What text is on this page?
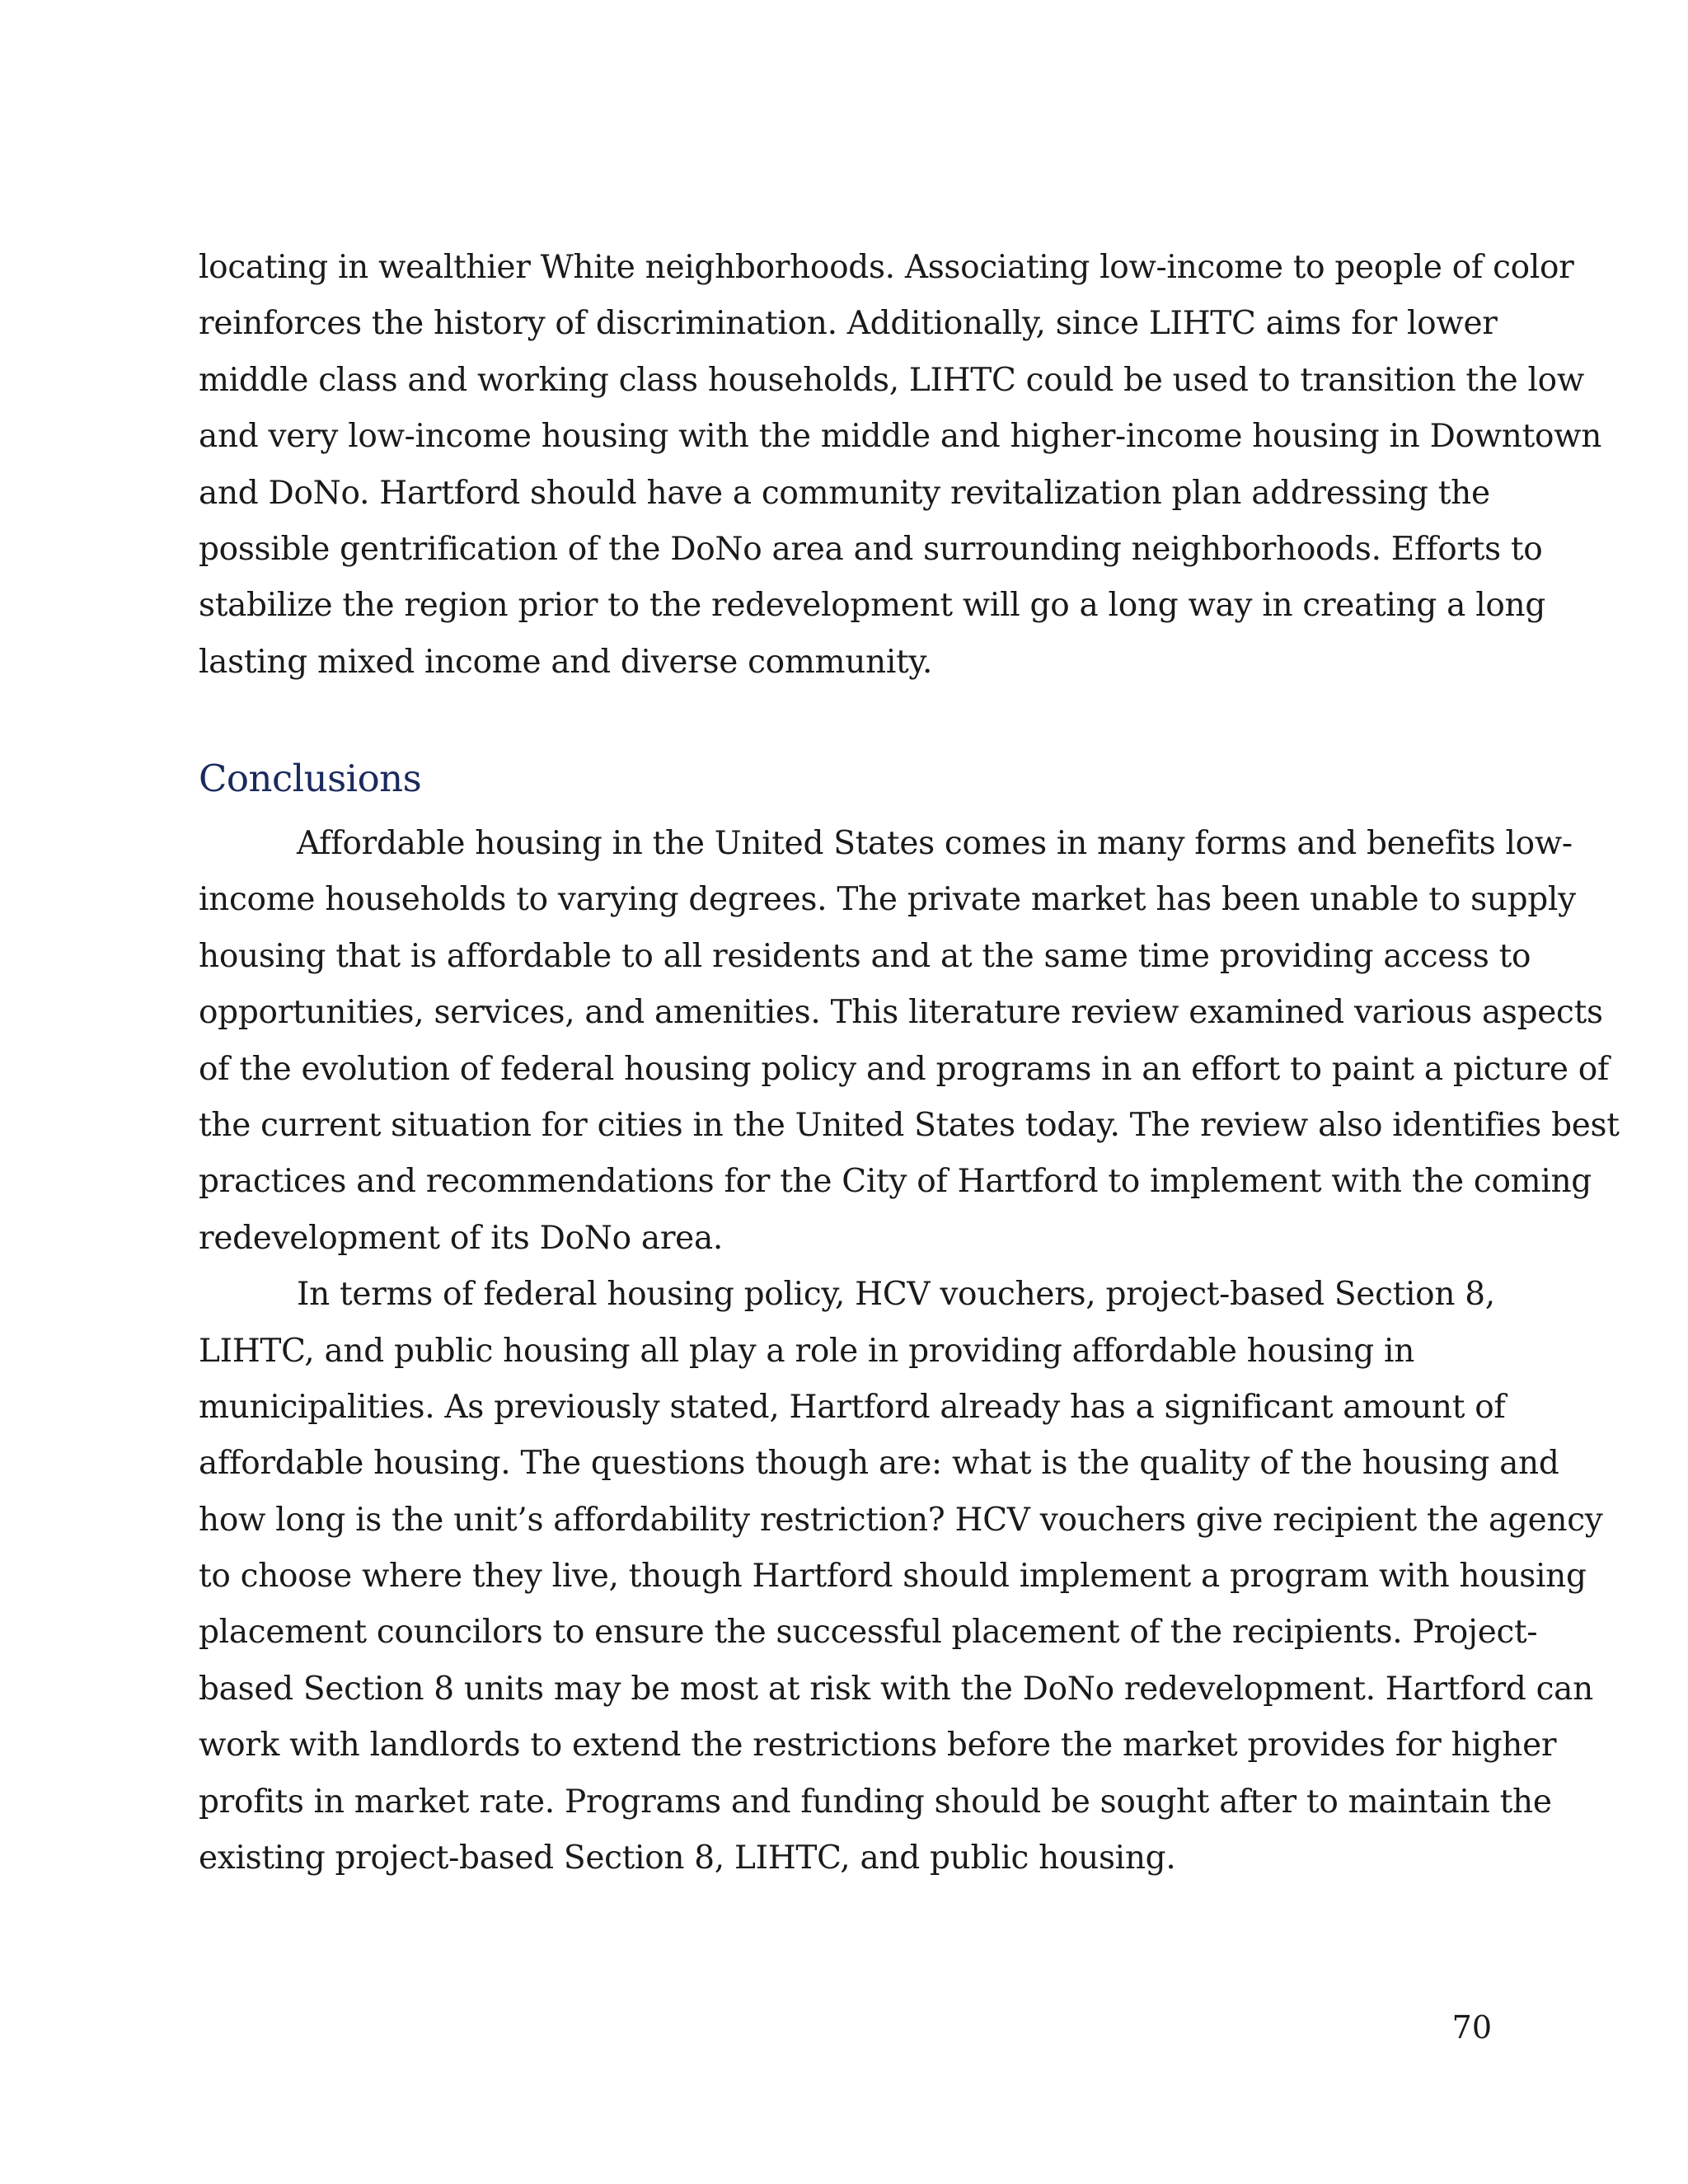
locating in wealthier White neighborhoods. Associating low-income to people of color
reinforces the history of discrimination. Additionally, since LIHTC aims for lower
middle class and working class households, LIHTC could be used to transition the low
and very low-income housing with the middle and higher-income housing in Downtown
and DoNo. Hartford should have a community revitalization plan addressing the
possible gentrification of the DoNo area and surrounding neighborhoods. Efforts to
stabilize the region prior to the redevelopment will go a long way in creating a long
lasting mixed income and diverse community.
Conclusions
Affordable housing in the United States comes in many forms and benefits low-
income households to varying degrees. The private market has been unable to supply
housing that is affordable to all residents and at the same time providing access to
opportunities, services, and amenities. This literature review examined various aspects
of the evolution of federal housing policy and programs in an effort to paint a picture of
the current situation for cities in the United States today. The review also identifies best
practices and recommendations for the City of Hartford to implement with the coming
redevelopment of its DoNo area.
In terms of federal housing policy, HCV vouchers, project-based Section 8,
LIHTC, and public housing all play a role in providing affordable housing in
municipalities. As previously stated, Hartford already has a significant amount of
affordable housing. The questions though are: what is the quality of the housing and
how long is the unit’s affordability restriction? HCV vouchers give recipient the agency
to choose where they live, though Hartford should implement a program with housing
placement councilors to ensure the successful placement of the recipients. Project-
based Section 8 units may be most at risk with the DoNo redevelopment. Hartford can
work with landlords to extend the restrictions before the market provides for higher
profits in market rate. Programs and funding should be sought after to maintain the
existing project-based Section 8, LIHTC, and public housing.
70
